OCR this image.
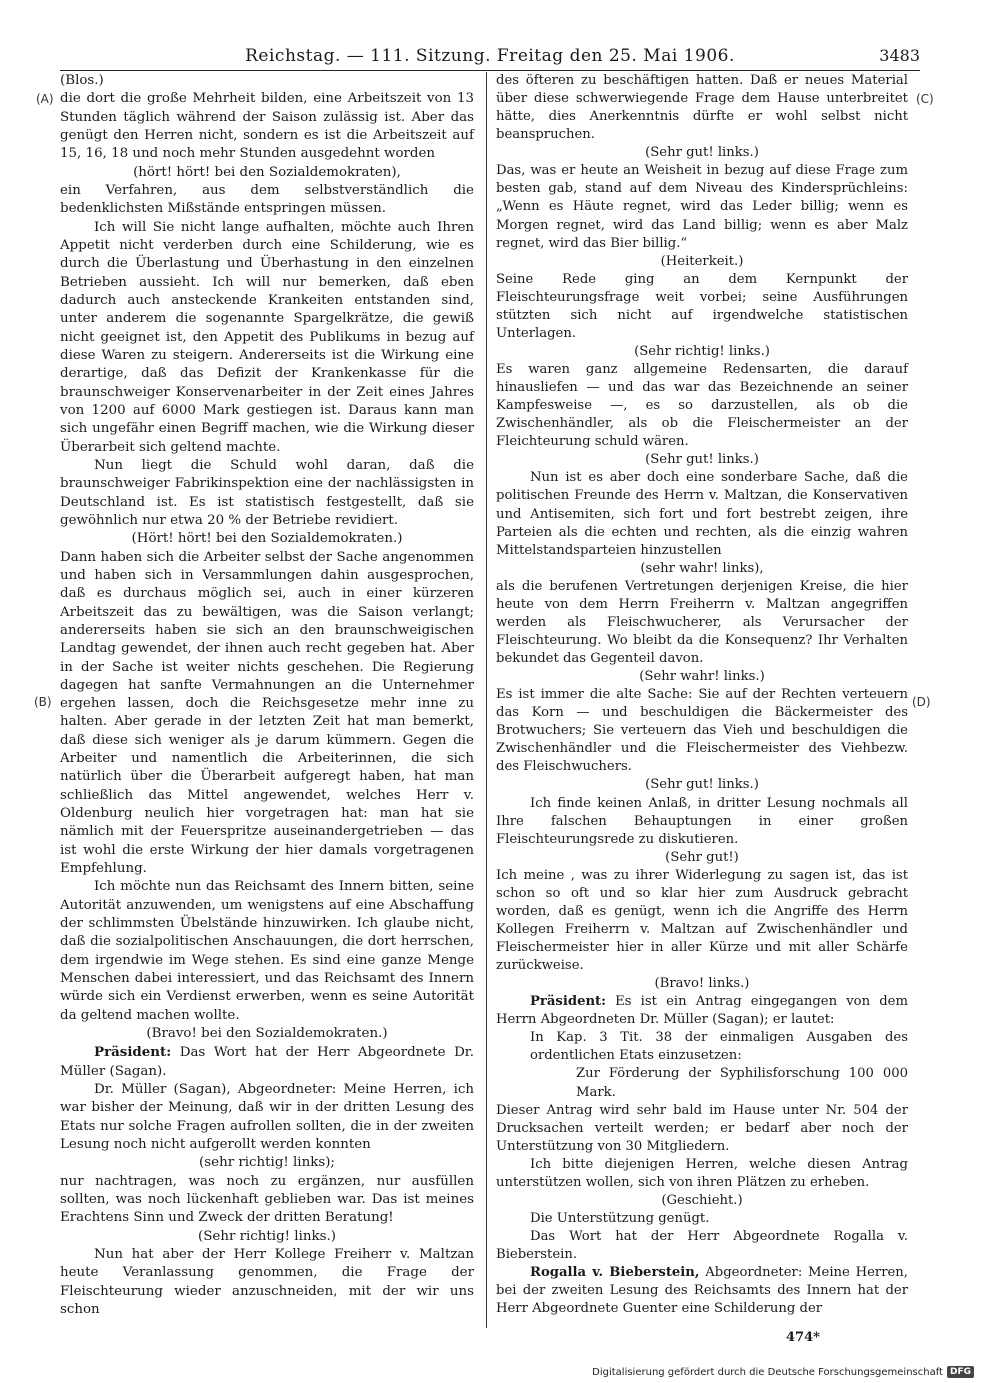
Reichstag. — 111. Sitzung. Freitag den 25. Mai 1906.	3483
(A)
(B)
(C)
(D)

(Blos.)

die dort die große Mehrheit bilden, eine Arbeitszeit von 13 Stunden täglich während der Saison zulässig ist. Aber das genügt den Herren nicht, sondern es ist die Arbeitszeit auf 15, 16, 18 und noch mehr Stunden ausgedehnt worden

(hört! hört! bei den Sozialdemokraten),

ein Verfahren, aus dem selbstverständlich die bedenklichsten Mißstände entspringen müssen.

Ich will Sie nicht lange aufhalten, möchte auch Ihren Appetit nicht verderben durch eine Schilderung, wie es durch die Überlastung und Überhastung in den einzelnen Betrieben aussieht. Ich will nur bemerken, daß eben dadurch auch ansteckende Krankeiten entstanden sind, unter anderem die sogenannte Spargelkrätze, die gewiß nicht geeignet ist, den Appetit des Publikums in bezug auf diese Waren zu steigern. Andererseits ist die Wirkung eine derartige, daß das Defizit der Krankenkasse für die braunschweiger Konservenarbeiter in der Zeit eines Jahres von 1200 auf 6000 Mark gestiegen ist. Daraus kann man sich ungefähr einen Begriff machen, wie die Wirkung dieser Überarbeit sich geltend machte.

Nun liegt die Schuld wohl daran, daß die braunschweiger Fabrikinspektion eine der nachlässigsten in Deutschland ist. Es ist statistisch festgestellt, daß sie gewöhnlich nur etwa 20 % der Betriebe revidiert.

(Hört! hört! bei den Sozialdemokraten.)

Dann haben sich die Arbeiter selbst der Sache angenommen und haben sich in Versammlungen dahin ausgesprochen, daß es durchaus möglich sei, auch in einer kürzeren Arbeitszeit das zu bewältigen, was die Saison verlangt; andererseits haben sie sich an den braunschweigischen Landtag gewendet, der ihnen auch recht gegeben hat. Aber in der Sache ist weiter nichts geschehen. Die Regierung dagegen hat sanfte Vermahnungen an die Unternehmer ergehen lassen, doch die Reichsgesetze mehr inne zu halten. Aber gerade in der letzten Zeit hat man bemerkt, daß diese sich weniger als je darum kümmern. Gegen die Arbeiter und namentlich die Arbeiterinnen, die sich natürlich über die Überarbeit aufgeregt haben, hat man schließlich das Mittel angewendet, welches Herr v. Oldenburg neulich hier vorgetragen hat: man hat sie nämlich mit der Feuerspritze auseinandergetrieben — das ist wohl die erste Wirkung der hier damals vorgetragenen Empfehlung.

Ich möchte nun das Reichsamt des Innern bitten, seine Autorität anzuwenden, um wenigstens auf eine Abschaffung der schlimmsten Übelstände hinzuwirken. Ich glaube nicht, daß die sozialpolitischen Anschauungen, die dort herrschen, dem irgendwie im Wege stehen. Es sind eine ganze Menge Menschen dabei interessiert, und das Reichsamt des Innern würde sich ein Verdienst erwerben, wenn es seine Autorität da geltend machen wollte.

(Bravo! bei den Sozialdemokraten.)

Präsident: Das Wort hat der Herr Abgeordnete Dr. Müller (Sagan).

Dr. Müller (Sagan), Abgeordneter: Meine Herren, ich war bisher der Meinung, daß wir in der dritten Lesung des Etats nur solche Fragen aufrollen sollten, die in der zweiten Lesung noch nicht aufgerollt werden konnten

(sehr richtig! links);

nur nachtragen, was noch zu ergänzen, nur ausfüllen sollten, was noch lückenhaft geblieben war. Das ist meines Erachtens Sinn und Zweck der dritten Beratung!

(Sehr richtig! links.)

Nun hat aber der Herr Kollege Freiherr v. Maltzan heute Veranlassung genommen, die Frage der Fleischteurung wieder anzuschneiden, mit der wir uns schon

des öfteren zu beschäftigen hatten. Daß er neues Material über diese schwerwiegende Frage dem Hause unterbreitet hätte, dies Anerkenntnis dürfte er wohl selbst nicht beanspruchen.

(Sehr gut! links.)

Das, was er heute an Weisheit in bezug auf diese Frage zum besten gab, stand auf dem Niveau des Kindersprüchleins: „Wenn es Häute regnet, wird das Leder billig; wenn es Morgen regnet, wird das Land billig; wenn es aber Malz regnet, wird das Bier billig.“

(Heiterkeit.)

Seine Rede ging an dem Kernpunkt der Fleischteurungsfrage weit vorbei; seine Ausführungen stützten sich nicht auf irgendwelche statistischen Unterlagen.

(Sehr richtig! links.)

Es waren ganz allgemeine Redensarten, die darauf hinausliefen — und das war das Bezeichnende an seiner Kampfesweise —, es so darzustellen, als ob die Zwischenhändler, als ob die Fleischermeister an der Fleichteurung schuld wären.

(Sehr gut! links.)

Nun ist es aber doch eine sonderbare Sache, daß die politischen Freunde des Herrn v. Maltzan, die Konservativen und Antisemiten, sich fort und fort bestrebt zeigen, ihre Parteien als die echten und rechten, als die einzig wahren Mittelstandsparteien hinzustellen

(sehr wahr! links),

als die berufenen Vertretungen derjenigen Kreise, die hier heute von dem Herrn Freiherrn v. Maltzan angegriffen werden als Fleischwucherer, als Verursacher der Fleischteurung. Wo bleibt da die Konsequenz? Ihr Verhalten bekundet das Gegenteil davon.

(Sehr wahr! links.)

Es ist immer die alte Sache: Sie auf der Rechten verteuern das Korn — und beschuldigen die Bäckermeister des Brotwuchers; Sie verteuern das Vieh und beschuldigen die Zwischenhändler und die Fleischermeister des Viehbezw. des Fleischwuchers.

(Sehr gut! links.)

Ich finde keinen Anlaß, in dritter Lesung nochmals all Ihre falschen Behauptungen in einer großen Fleischteurungsrede zu diskutieren.

(Sehr gut!)

Ich meine , was zu ihrer Widerlegung zu sagen ist, das ist schon so oft und so klar hier zum Ausdruck gebracht worden, daß es genügt, wenn ich die Angriffe des Herrn Kollegen Freiherrn v. Maltzan auf Zwischenhändler und Fleischermeister hier in aller Kürze und mit aller Schärfe zurückweise.

(Bravo! links.)

Präsident: Es ist ein Antrag eingegangen von dem Herrn Abgeordneten Dr. Müller (Sagan); er lautet:

In Kap. 3 Tit. 38 der einmaligen Ausgaben des ordentlichen Etats einzusetzen:

Zur Förderung der Syphilisforschung 100 000 Mark.

Dieser Antrag wird sehr bald im Hause unter Nr. 504 der Drucksachen verteilt werden; er bedarf aber noch der Unterstützung von 30 Mitgliedern.

Ich bitte diejenigen Herren, welche diesen Antrag unterstützen wollen, sich von ihren Plätzen zu erheben.

(Geschieht.)

Die Unterstützung genügt.

Das Wort hat der Herr Abgeordnete Rogalla v. Bieberstein.

Rogalla v. Bieberstein, Abgeordneter: Meine Herren, bei der zweiten Lesung des Reichsamts des Innern hat der Herr Abgeordnete Guenter eine Schilderung der

474*
Digitalisierung gefördert durch die Deutsche Forschungsgemeinschaft DFG
